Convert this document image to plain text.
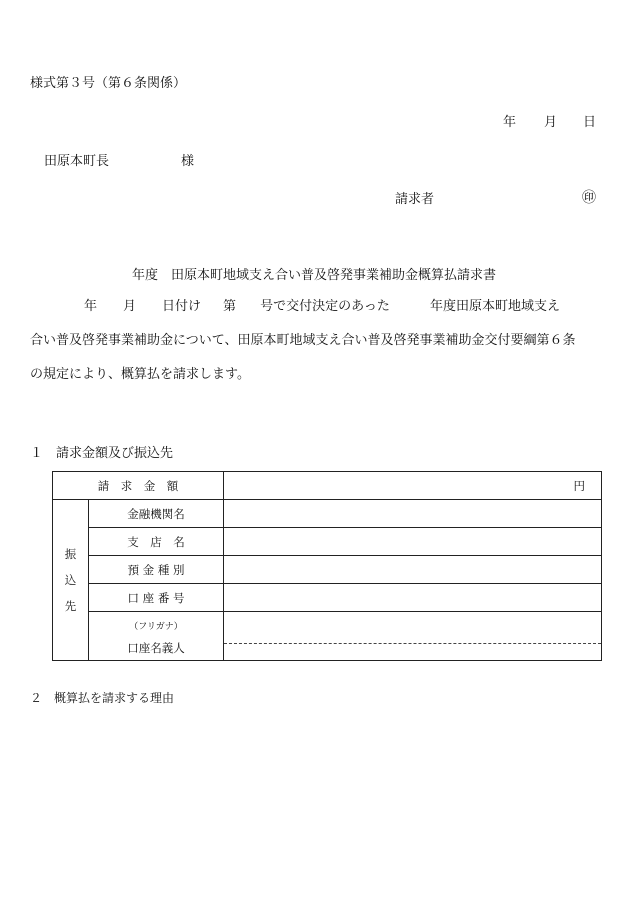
様式第３号（第６条関係）
年 月 日
田原本町長	様
請求者	㊞
年度　田原本町地域支え合い普及啓発事業補助金概算払請求書

年 月 日付け 第 号で交付決定のあった	年度田原本町地域支え

合い普及啓発事業補助金について、田原本町地域支え合い普及啓発事業補助金交付要綱第６条

の規定により、概算払を請求します。

１　請求金額及び振込先
請　求　金　額		円

振
込
先	金融機関名	
	支　店　名	
	預 金 種 別	
	口 座 番 号	

	（フリガナ）
口座名義人	

２　概算払を請求する理由
